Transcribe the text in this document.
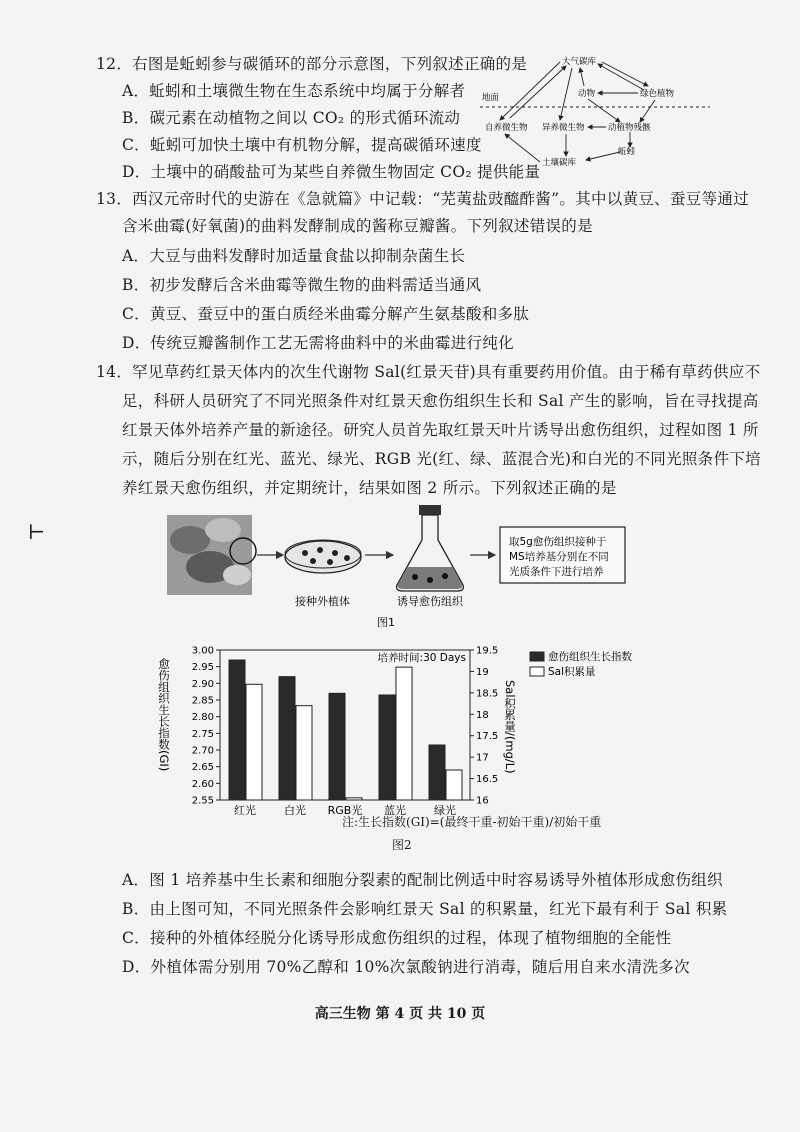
12．右图是蚯蚓参与碳循环的部分示意图，下列叙述正确的是
A．蚯蚓和土壤微生物在生态系统中均属于分解者
B．碳元素在动植物之间以 CO₂ 的形式循环流动
C．蚯蚓可加快土壤中有机物分解，提高碳循环速度
D．土壤中的硝酸盐可为某些自养微生物固定 CO₂ 提供能量
大气碳库
动物	绿色植物
地面
自养微生物 异养微生物	动植物残骸
蚯蚓
土壤碳库
13．西汉元帝时代的史游在《急就篇》中记载：“芜荑盐豉醯酢酱”。其中以黄豆、蚕豆等通过
含米曲霉(好氧菌)的曲料发酵制成的酱称豆瓣酱。下列叙述错误的是
A．大豆与曲料发酵时加适量食盐以抑制杂菌生长
B．初步发酵后含米曲霉等微生物的曲料需适当通风
C．黄豆、蚕豆中的蛋白质经米曲霉分解产生氨基酸和多肽
D．传统豆瓣酱制作工艺无需将曲料中的米曲霉进行纯化
14．罕见草药红景天体内的次生代谢物 Sal(红景天苷)具有重要药用价值。由于稀有草药供应不
足，科研人员研究了不同光照条件对红景天愈伤组织生长和 Sal 产生的影响，旨在寻找提高
红景天体外培养产量的新途径。研究人员首先取红景天叶片诱导出愈伤组织，过程如图 1 所
示，随后分别在红光、蓝光、绿光、RGB 光(红、绿、蓝混合光)和白光的不同光照条件下培
养红景天愈伤组织，并定期统计，结果如图 2 所示。下列叙述正确的是
⊢	取5g愈伤组织接种于
MS培养基分别在不同
光质条件下进行培养
接种外植体	诱导愈伤组织
图1
3.00
2.95
2.90
2.85
2.80
2.75
2.70
2.65
2.60
2.55
19.5
19
18.5
18
17.5
17
16.5
16
愈伤组织生长指数(GI)	Sal积累量/(mg/L)
红光	白光 RGB光 蓝光	绿光
培养时间:30 Days	愈伤组织生长指数
Sal积累量
注:生长指数(GI)=(最终干重-初始干重)/初始干重
图2
A．图 1 培养基中生长素和细胞分裂素的配制比例适中时容易诱导外植体形成愈伤组织
B．由上图可知，不同光照条件会影响红景天 Sal 的积累量，红光下最有利于 Sal 积累
C．接种的外植体经脱分化诱导形成愈伤组织的过程，体现了植物细胞的全能性
D．外植体需分别用 70%乙醇和 10%次氯酸钠进行消毒，随后用自来水清洗多次
高三生物 第 4 页 共 10 页
